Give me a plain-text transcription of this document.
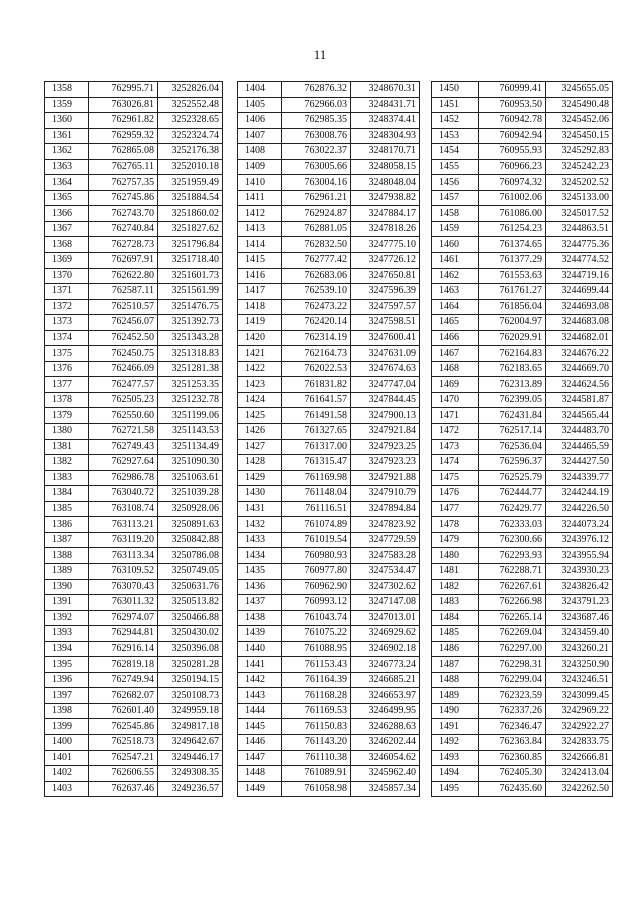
11
1358	762995.71	3252826.04
1359	763026.81	3252552.48
1360	762961.82	3252328.65
1361	762959.32	3252324.74
1362	762865.08	3252176.38
1363	762765.11	3252010.18
1364	762757.35	3251959.49
1365	762745.86	3251884.54
1366	762743.70	3251860.02
1367	762740.84	3251827.62
1368	762728.73	3251796.84
1369	762697.91	3251718.40
1370	762622.80	3251601.73
1371	762587.11	3251561.99
1372	762510.57	3251476.75
1373	762456.07	3251392.73
1374	762452.50	3251343.28
1375	762450.75	3251318.83
1376	762466.09	3251281.38
1377	762477.57	3251253.35
1378	762505.23	3251232.78
1379	762550.60	3251199.06
1380	762721.58	3251143.53
1381	762749.43	3251134.49
1382	762927.64	3251090.30
1383	762986.78	3251063.61
1384	763040.72	3251039.28
1385	763108.74	3250928.06
1386	763113.21	3250891.63
1387	763119.20	3250842.88
1388	763113.34	3250786.08
1389	763109.52	3250749.05
1390	763070.43	3250631.76
1391	763011.32	3250513.82
1392	762974.07	3250466.88
1393	762944.81	3250430.02
1394	762916.14	3250396.08
1395	762819.18	3250281.28
1396	762749.94	3250194.15
1397	762682.07	3250108.73
1398	762601.40	3249959.18
1399	762545.86	3249817.18
1400	762518.73	3249642.67
1401	762547.21	3249446.17
1402	762606.55	3249308.35
1403	762637.46	3249236.57
1404	762876.32	3248670.31
1405	762966.03	3248431.71
1406	762985.35	3248374.41
1407	763008.76	3248304.93
1408	763022.37	3248170.71
1409	763005.66	3248058.15
1410	763004.16	3248048.04
1411	762961.21	3247938.82
1412	762924.87	3247884.17
1413	762881.05	3247818.26
1414	762832.50	3247775.10
1415	762777.42	3247726.12
1416	762683.06	3247650.81
1417	762539.10	3247596.39
1418	762473.22	3247597.57
1419	762420.14	3247598.51
1420	762314.19	3247600.41
1421	762164.73	3247631.09
1422	762022.53	3247674.63
1423	761831.82	3247747.04
1424	761641.57	3247844.45
1425	761491.58	3247900.13
1426	761327.65	3247921.84
1427	761317.00	3247923.25
1428	761315.47	3247923.23
1429	761169.98	3247921.88
1430	761148.04	3247910.79
1431	761116.51	3247894.84
1432	761074.89	3247823.92
1433	761019.54	3247729.59
1434	760980.93	3247583.28
1435	760977.80	3247534.47
1436	760962.90	3247302.62
1437	760993.12	3247147.08
1438	761043.74	3247013.01
1439	761075.22	3246929.62
1440	761088.95	3246902.18
1441	761153.43	3246773.24
1442	761164.39	3246685.21
1443	761168.28	3246653.97
1444	761169.53	3246499.95
1445	761150.83	3246288.63
1446	761143.20	3246202.44
1447	761110.38	3246054.62
1448	761089.91	3245962.40
1449	761058.98	3245857.34
1450	760999.41	3245655.05
1451	760953.50	3245490.48
1452	760942.78	3245452.06
1453	760942.94	3245450.15
1454	760955.93	3245292.83
1455	760966.23	3245242.23
1456	760974.32	3245202.52
1457	761002.06	3245133.00
1458	761086.00	3245017.52
1459	761254.23	3244863.51
1460	761374.65	3244775.36
1461	761377.29	3244774.52
1462	761553.63	3244719.16
1463	761761.27	3244699.44
1464	761856.04	3244693.08
1465	762004.97	3244683.08
1466	762029.91	3244682.01
1467	762164.83	3244676.22
1468	762183.65	3244669.70
1469	762313.89	3244624.56
1470	762399.05	3244581.87
1471	762431.84	3244565.44
1472	762517.14	3244483.70
1473	762536.04	3244465.59
1474	762596.37	3244427.50
1475	762525.79	3244339.77
1476	762444.77	3244244.19
1477	762429.77	3244226.50
1478	762333.03	3244073.24
1479	762300.66	3243976.12
1480	762293.93	3243955.94
1481	762288.71	3243930.23
1482	762267.61	3243826.42
1483	762266.98	3243791.23
1484	762265.14	3243687.46
1485	762269.04	3243459.40
1486	762297.00	3243260.21
1487	762298.31	3243250.90
1488	762299.04	3243246.51
1489	762323.59	3243099.45
1490	762337.26	3242969.22
1491	762346.47	3242922.27
1492	762363.84	3242833.75
1493	762360.85	3242666.81
1494	762405.30	3242413.04
1495	762435.60	3242262.50
